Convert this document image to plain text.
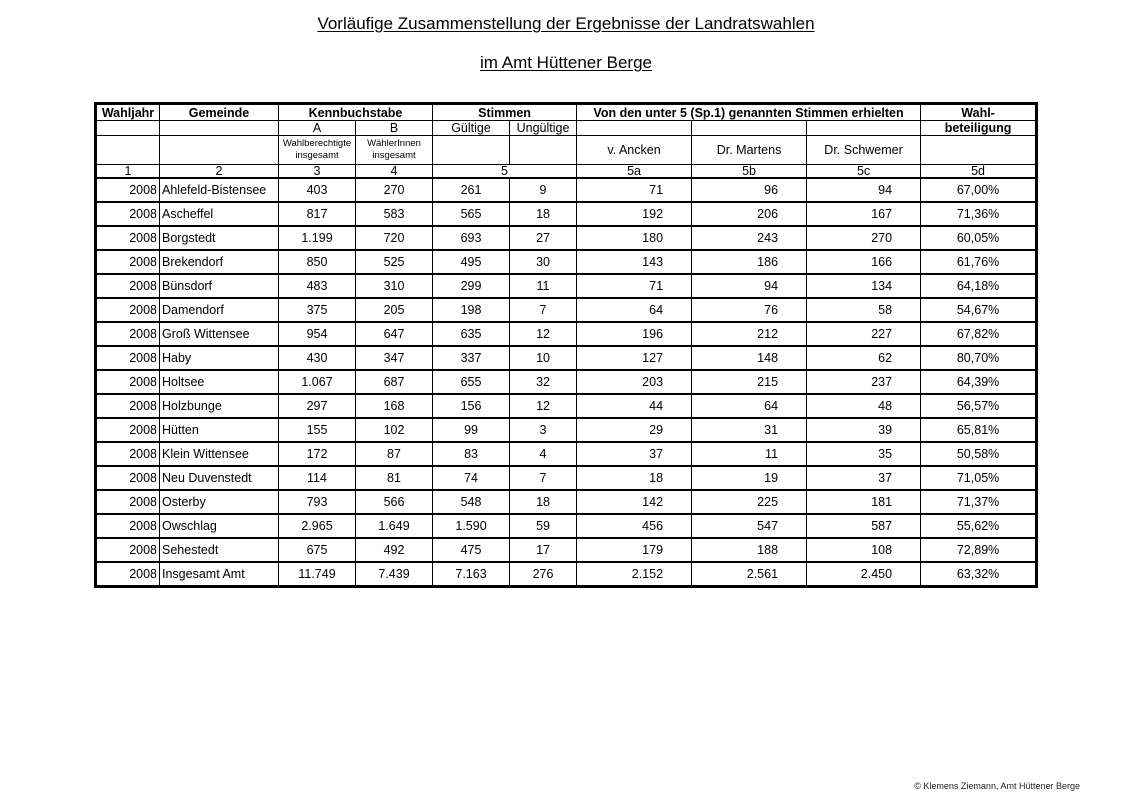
Vorläufige Zusammenstellung der Ergebnisse der Landratswahlen
im Amt Hüttener Berge
Wahljahr	Gemeinde	Kennbuchstabe		Stimmen		Von den unter 5 (Sp.1) genannten Stimmen erhielten			Wahl-
		A	B	Gültige	Ungültige				beteiligung
		Wahlberechtigte insgesamt	WählerInnen insgesamt			v. Ancken	Dr. Martens	Dr. Schwemer	
1	2	3	4	5		5a	5b	5c	5d
2008	Ahlefeld-Bistensee	403	270	261	9	71	96	94	67,00%
2008	Ascheffel	817	583	565	18	192	206	167	71,36%
2008	Borgstedt	1.199	720	693	27	180	243	270	60,05%
2008	Brekendorf	850	525	495	30	143	186	166	61,76%
2008	Bünsdorf	483	310	299	11	71	94	134	64,18%
2008	Damendorf	375	205	198	7	64	76	58	54,67%
2008	Groß Wittensee	954	647	635	12	196	212	227	67,82%
2008	Haby	430	347	337	10	127	148	62	80,70%
2008	Holtsee	1.067	687	655	32	203	215	237	64,39%
2008	Holzbunge	297	168	156	12	44	64	48	56,57%
2008	Hütten	155	102	99	3	29	31	39	65,81%
2008	Klein Wittensee	172	87	83	4	37	11	35	50,58%
2008	Neu Duvenstedt	114	81	74	7	18	19	37	71,05%
2008	Osterby	793	566	548	18	142	225	181	71,37%
2008	Owschlag	2.965	1.649	1.590	59	456	547	587	55,62%
2008	Sehestedt	675	492	475	17	179	188	108	72,89%
2008	Insgesamt Amt	11.749	7.439	7.163	276	2.152	2.561	2.450	63,32%
© Klemens Ziemann, Amt Hüttener Berge
